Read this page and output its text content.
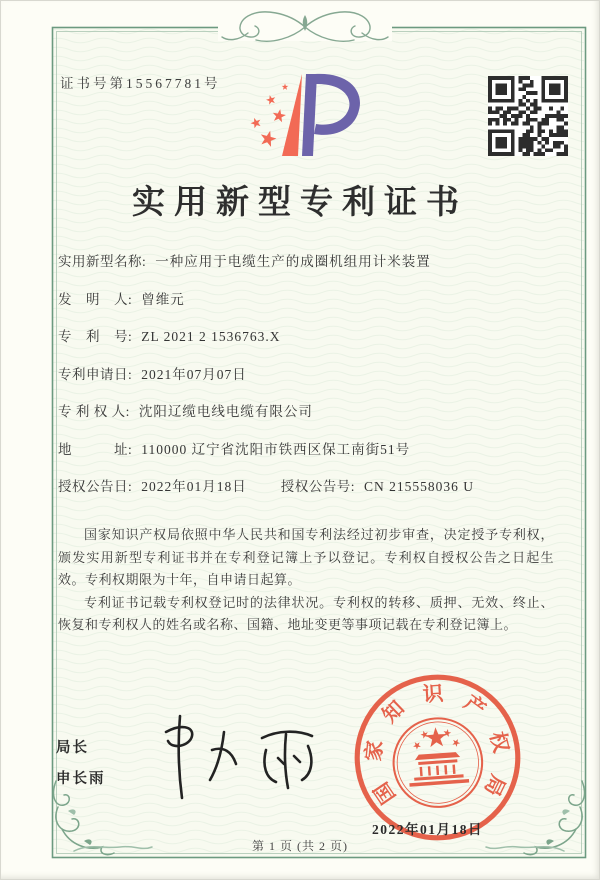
证书号第15567781号
实用新型专利证书
实用新型名称: 一种应用于电缆生产的成圈机组用计米装置
发　明　人: 曾维元
专　利　号: ZL 2021 2 1536763.X
专利申请日: 2021年07月07日
专 利 权 人: 沈阳辽缆电线电缆有限公司
地　　　址: 110000 辽宁省沈阳市铁西区保工南街51号
授权公告日: 2022年01月18日	授权公告号: CN 215558036 U

国家知识产权局依照中华人民共和国专利法经过初步审查，决定授予专利权，颁发实用新型专利证书并在专利登记簿上予以登记。专利权自授权公告之日起生效。专利权期限为十年，自申请日起算。

专利证书记载专利权登记时的法律状况。专利权的转移、质押、无效、终止、恢复和专利权人的姓名或名称、国籍、地址变更等事项记载在专利登记簿上。

局长
申长雨	国
家
知
识 产
权
局
2022年01月18日
第 1 页 (共 2 页)
